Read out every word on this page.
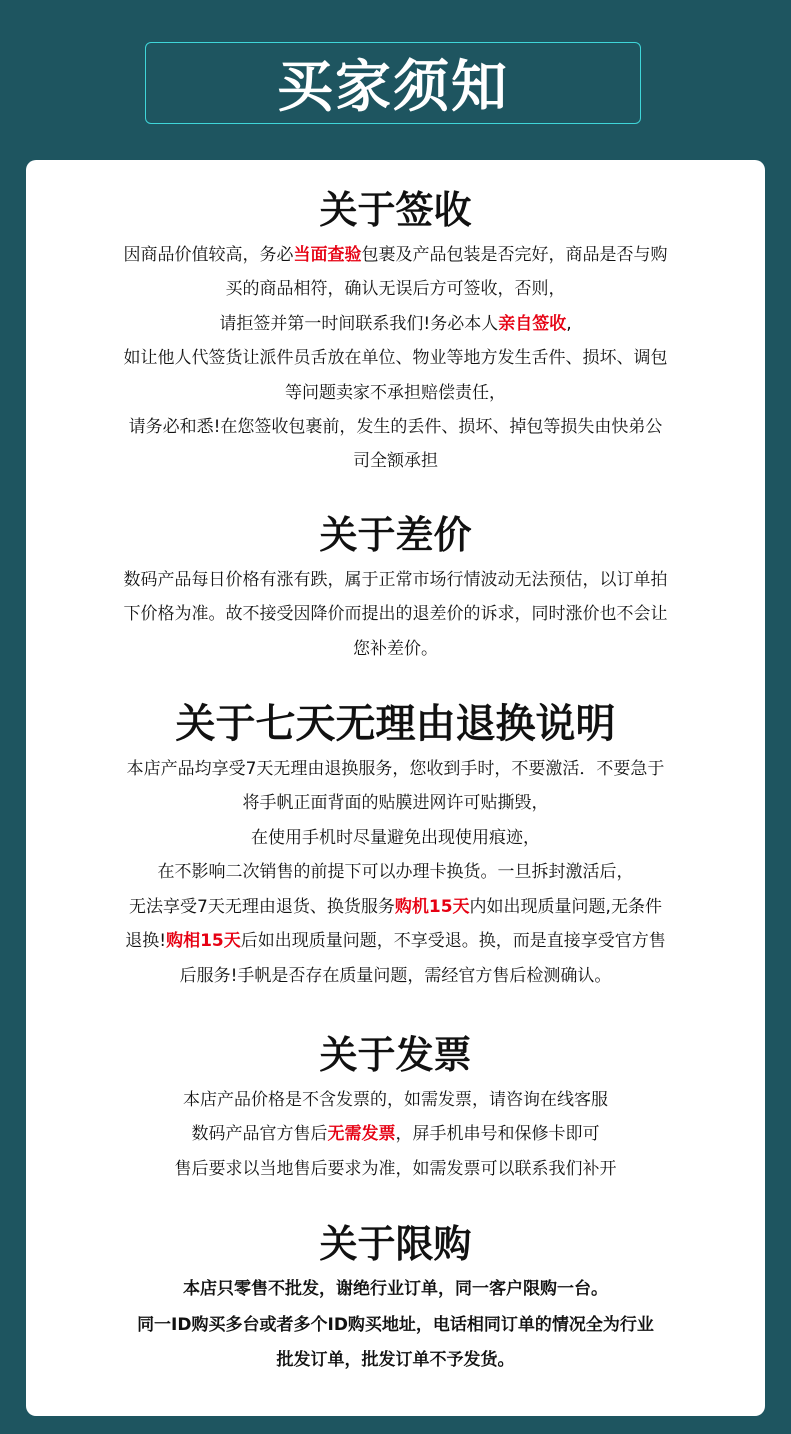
买家须知
关于签收

因商品价值较高，务必当面查验包裹及产品包装是否完好，商品是否与购

买的商品相符，确认无误后方可签收，否则，

请拒签并第一时间联系我们!务必本人亲自签收,

如让他人代签货让派件员舌放在单位、物业等地方发生舌件、损坏、调包

等问题卖家不承担赔偿责任，

请务必和悉!在您签收包裹前，发生的丢件、损坏、掉包等损失由快弟公

司全额承担

关于差价

数码产品每日价格有涨有跌，属于正常市场行情波动无法预估，以订单拍

下价格为准。故不接受因降价而提出的退差价的诉求，同时涨价也不会让

您补差价。

关于七天无理由退换说明

本店产品均享受7天无理由退换服务，您收到手时，不要激活．不要急于

将手帆正面背面的贴膜进网许可贴撕毁，

在使用手机时尽量避免出现使用痕迹，

在不影响二次销售的前提下可以办理卡换货。一旦拆封激活后，

无法享受7天无理由退货、换货服务购机15天内如出现质量问题,无条件

退换!购相15天后如出现质量问题，不享受退。换，而是直接享受官方售

后服务!手帆是否存在质量问题，需经官方售后检测确认。

关于发票

本店产品价格是不含发票的，如需发票，请咨询在线客服

数码产品官方售后无需发票，屏手机串号和保修卡即可

售后要求以当地售后要求为准，如需发票可以联系我们补开

关于限购

本店只零售不批发，谢绝行业订单，同一客户限购一台。

同一ID购买多台或者多个ID购买地址，电话相同订单的情况全为行业

批发订单，批发订单不予发货。
